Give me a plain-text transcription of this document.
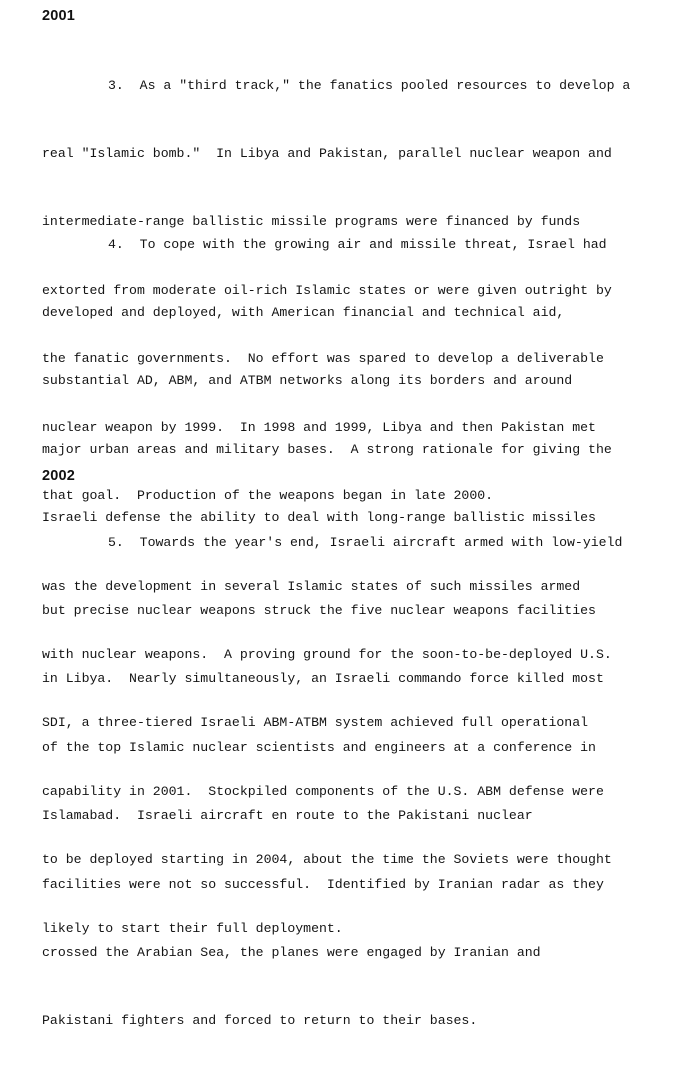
2001

3.  As a "third track," the fanatics pooled resources to develop a

real "Islamic bomb."  In Libya and Pakistan, parallel nuclear weapon and

intermediate-range ballistic missile programs were financed by funds

extorted from moderate oil-rich Islamic states or were given outright by

the fanatic governments.  No effort was spared to develop a deliverable

nuclear weapon by 1999.  In 1998 and 1999, Libya and then Pakistan met

that goal.  Production of the weapons began in late 2000.

4.  To cope with the growing air and missile threat, Israel had

developed and deployed, with American financial and technical aid,

substantial AD, ABM, and ATBM networks along its borders and around

major urban areas and military bases.  A strong rationale for giving the

Israeli defense the ability to deal with long-range ballistic missiles

was the development in several Islamic states of such missiles armed

with nuclear weapons.  A proving ground for the soon-to-be-deployed U.S.

SDI, a three-tiered Israeli ABM-ATBM system achieved full operational

capability in 2001.  Stockpiled components of the U.S. ABM defense were

to be deployed starting in 2004, about the time the Soviets were thought

likely to start their full deployment.

2002

5.  Towards the year's end, Israeli aircraft armed with low-yield

but precise nuclear weapons struck the five nuclear weapons facilities

in Libya.  Nearly simultaneously, an Israeli commando force killed most

of the top Islamic nuclear scientists and engineers at a conference in

Islamabad.  Israeli aircraft en route to the Pakistani nuclear

facilities were not so successful.  Identified by Iranian radar as they

crossed the Arabian Sea, the planes were engaged by Iranian and

Pakistani fighters and forced to return to their bases.
